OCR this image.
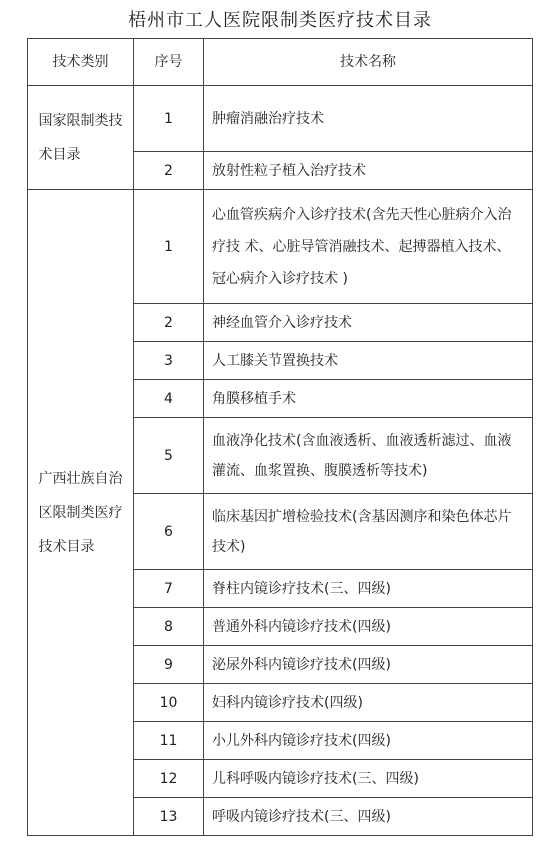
梧州市工人医院限制类医疗技术目录
技术类别	序号	技术名称
国家限制类技术目录	1	肿瘤消融治疗技术
	2	放射性粒子植入治疗技术
广西壮族自治区限制类医疗技术目录	1	心血管疾病介入诊疗技术(含先天性心脏病介入治疗技 术、心脏导管消融技术、起搏器植入技术、冠心病介入诊疗技术 )
	2	神经血管介入诊疗技术
	3	人工膝关节置换技术
	4	角膜移植手术
	5	血液净化技术(含血液透析、血液透析滤过、血液灌流、血浆置换、腹膜透析等技术)
	6	临床基因扩增检验技术(含基因测序和染色体芯片技术)
	7	脊柱内镜诊疗技术(三、四级)
	8	普通外科内镜诊疗技术(四级)
	9	泌尿外科内镜诊疗技术(四级)
	10	妇科内镜诊疗技术(四级)
	11	小儿外科内镜诊疗技术(四级)
	12	儿科呼吸内镜诊疗技术(三、四级)
	13	呼吸内镜诊疗技术(三、四级)
